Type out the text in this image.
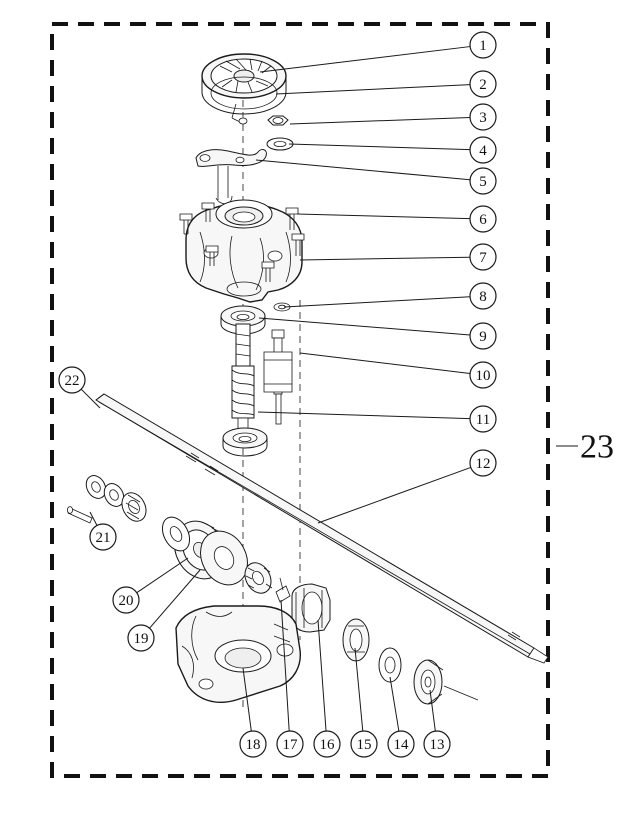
1
2
3
4
5
6
7
8
9
10
11
12
13
14
15
16
17
18
19
20
21
22
23
